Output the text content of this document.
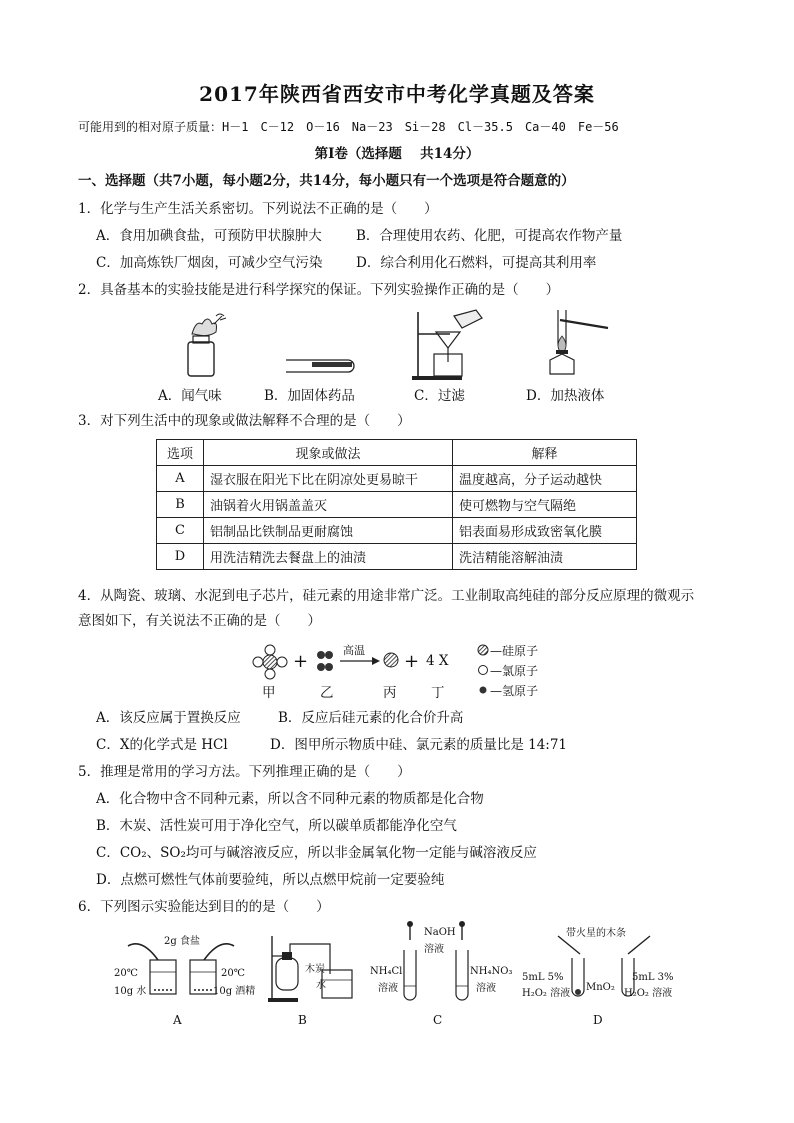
2017年陕西省西安市中考化学真题及答案
可能用到的相对原子质量：H－1　C－12　O－16　Na－23　Si－28　Cl－35.5　Ca－40　Fe－56
第Ⅰ卷（选择题　 共14分）
一、选择题（共7小题，每小题2分，共14分，每小题只有一个选项是符合题意的）
1．化学与生产生活关系密切。下列说法不正确的是（　　）
A．食用加碘食盐，可预防甲状腺肿大	B．合理使用农药、化肥，可提高农作物产量
C．加高炼铁厂烟囱，可减少空气污染 D．综合利用化石燃料，可提高其利用率
2．具备基本的实验技能是进行科学探究的保证。下列实验操作正确的是（　　）
A．闻气味	B．加固体药品	C．过滤	D．加热液体
3．对下列生活中的现象或做法解释不合理的是（　　）
选项	现象或做法	解释
A	湿衣服在阳光下比在阴凉处更易晾干	温度越高，分子运动越快
B	油锅着火用锅盖盖灭	使可燃物与空气隔绝
C	铝制品比铁制品更耐腐蚀	铝表面易形成致密氧化膜
D	用洗洁精洗去餐盘上的油渍	洗洁精能溶解油渍
4．从陶瓷、玻璃、水泥到电子芯片，硅元素的用途非常广泛。工业制取高纯硅的部分反应原理的微观示
意图如下，有关说法不正确的是（　　）
+
高温
→ + 4 X
甲	乙	丙	丁
—硅原子
—氯原子
—氢原子
A．该反应属于置换反应	B．反应后硅元素的化合价升高
C．X的化学式是 HCl	D．图甲所示物质中硅、氯元素的质量比是 14:71
5．推理是常用的学习方法。下列推理正确的是（　　）
A．化合物中含不同种元素，所以含不同种元素的物质都是化合物
B．木炭、活性炭可用于净化空气，所以碳单质都能净化空气
C．CO₂、SO₂均可与碱溶液反应，所以非金属氧化物一定能与碱溶液反应
D．点燃可燃性气体前要验纯，所以点燃甲烷前一定要验纯
6．下列图示实验能达到目的的是（　　）
2g 食盐
20℃
10g 水
20℃
10g 酒精
木炭
水
NaOH
溶液
NH₄Cl
溶液
NH₄NO₃
溶液
带火星的木条
5mL 5%
H₂O₂ 溶液
MnO₂
5mL 3%
H₂O₂ 溶液
A	B	C	D
